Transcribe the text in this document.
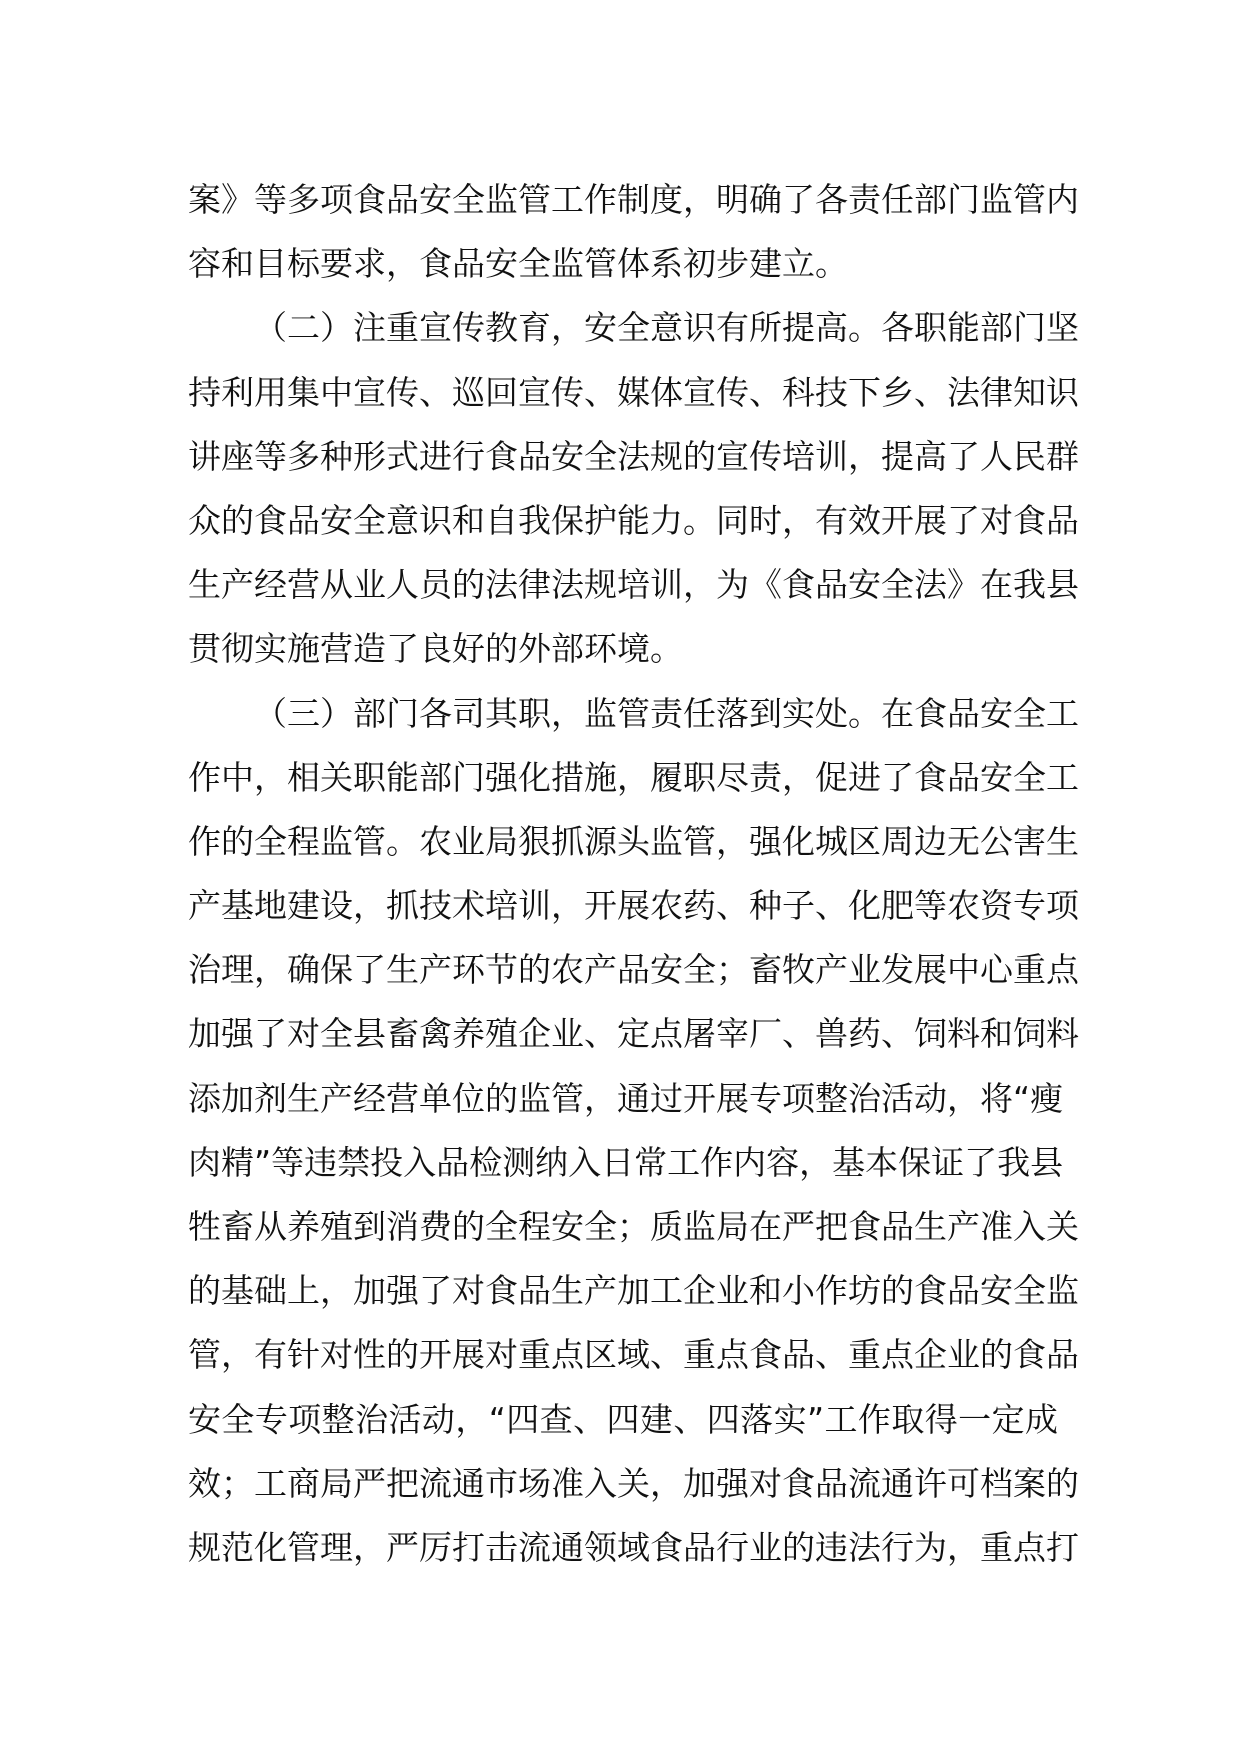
案》等多项食品安全监管工作制度，明确了各责任部门监管内
容和目标要求，食品安全监管体系初步建立。
（二）注重宣传教育，安全意识有所提高。各职能部门坚
持利用集中宣传、巡回宣传、媒体宣传、科技下乡、法律知识
讲座等多种形式进行食品安全法规的宣传培训，提高了人民群
众的食品安全意识和自我保护能力。同时，有效开展了对食品
生产经营从业人员的法律法规培训，为《食品安全法》在我县
贯彻实施营造了良好的外部环境。
（三）部门各司其职，监管责任落到实处。在食品安全工
作中，相关职能部门强化措施，履职尽责，促进了食品安全工
作的全程监管。农业局狠抓源头监管，强化城区周边无公害生
产基地建设，抓技术培训，开展农药、种子、化肥等农资专项
治理，确保了生产环节的农产品安全；畜牧产业发展中心重点
加强了对全县畜禽养殖企业、定点屠宰厂、兽药、饲料和饲料
添加剂生产经营单位的监管，通过开展专项整治活动，将“瘦
肉精”等违禁投入品检测纳入日常工作内容，基本保证了我县
牲畜从养殖到消费的全程安全；质监局在严把食品生产准入关
的基础上，加强了对食品生产加工企业和小作坊的食品安全监
管，有针对性的开展对重点区域、重点食品、重点企业的食品
安全专项整治活动，“四查、四建、四落实”工作取得一定成
效；工商局严把流通市场准入关，加强对食品流通许可档案的
规范化管理，严厉打击流通领域食品行业的违法行为，重点打
